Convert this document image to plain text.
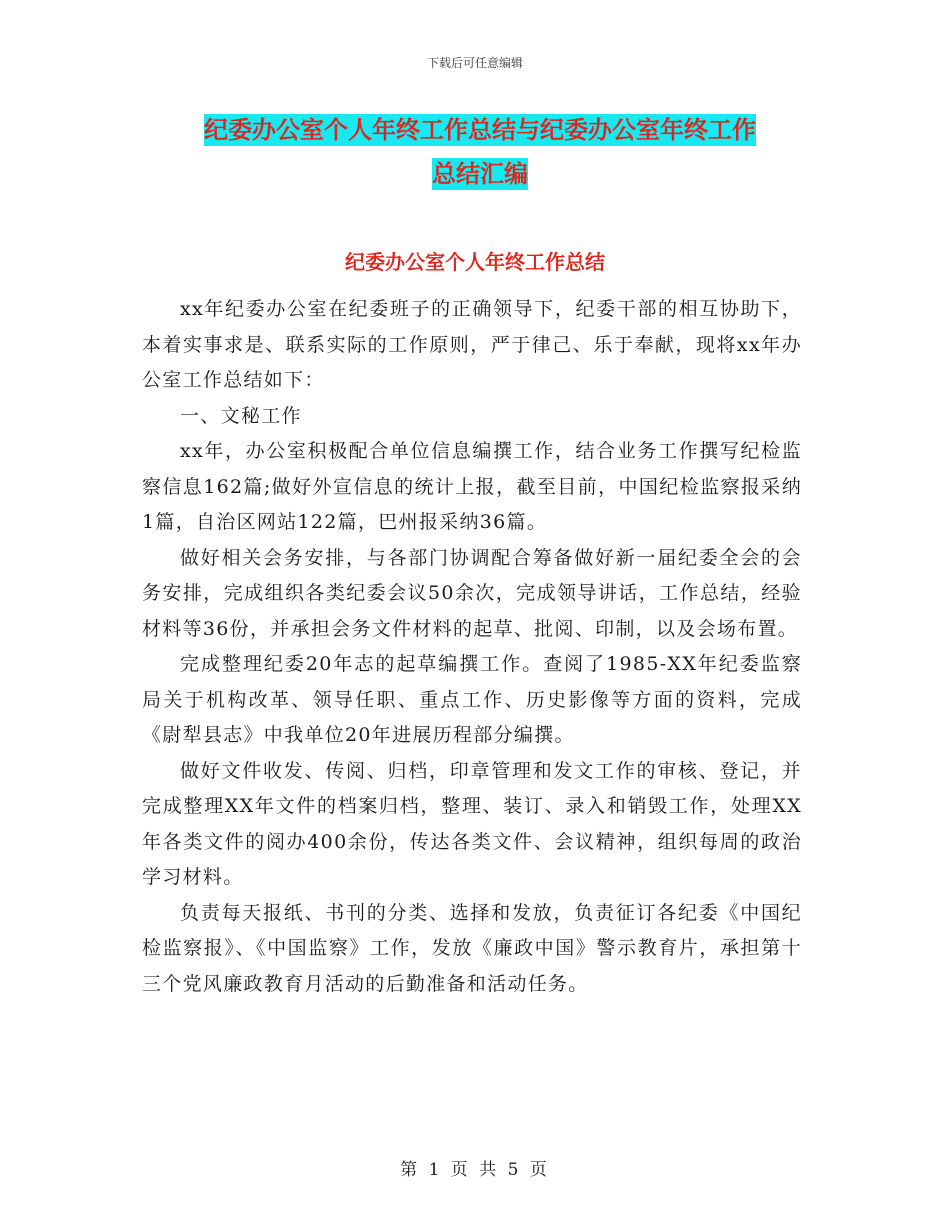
下载后可任意编辑
纪委办公室个人年终工作总结与纪委办公室年终工作
总结汇编
纪委办公室个人年终工作总结

xx年纪委办公室在纪委班子的正确领导下，纪委干部的相互协助下，本着实事求是、联系实际的工作原则，严于律己、乐于奉献，现将xx年办公室工作总结如下：

一、文秘工作

xx年，办公室积极配合单位信息编撰工作，结合业务工作撰写纪检监察信息162篇;做好外宣信息的统计上报，截至目前，中国纪检监察报采纳1篇，自治区网站122篇，巴州报采纳36篇。

做好相关会务安排，与各部门协调配合筹备做好新一届纪委全会的会务安排，完成组织各类纪委会议50余次，完成领导讲话，工作总结，经验材料等36份，并承担会务文件材料的起草、批阅、印制，以及会场布置。

完成整理纪委20年志的起草编撰工作。查阅了1985-XX年纪委监察局关于机构改革、领导任职、重点工作、历史影像等方面的资料，完成《尉犁县志》中我单位20年进展历程部分编撰。

做好文件收发、传阅、归档，印章管理和发文工作的审核、登记，并完成整理XX年文件的档案归档，整理、装订、录入和销毁工作，处理XX年各类文件的阅办400余份，传达各类文件、会议精神，组织每周的政治学习材料。

负责每天报纸、书刊的分类、选择和发放，负责征订各纪委《中国纪检监察报》、《中国监察》工作，发放《廉政中国》警示教育片，承担第十三个党风廉政教育月活动的后勤准备和活动任务。

第 1 页 共 5 页
